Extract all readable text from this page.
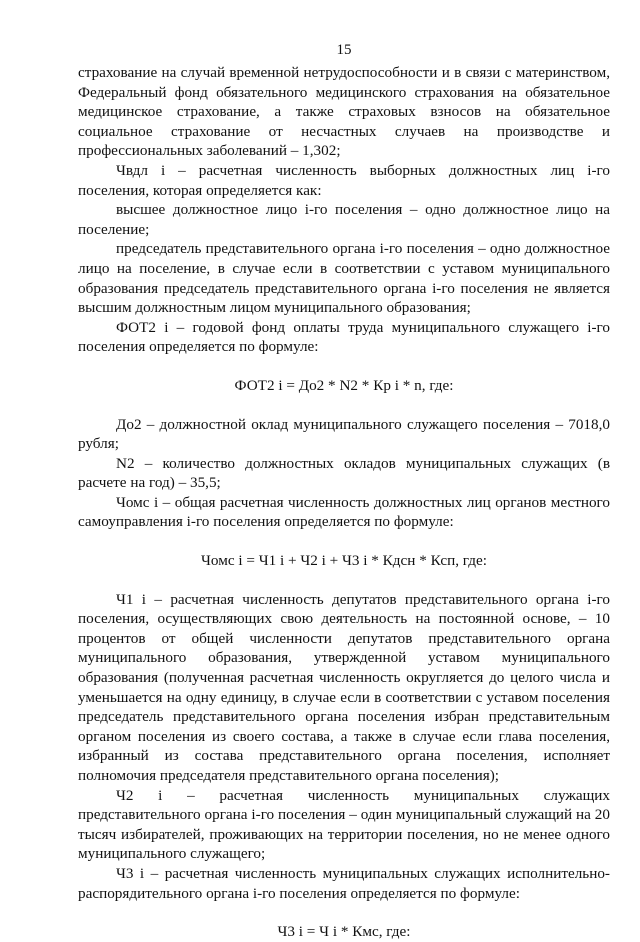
15

страхование на случай временной нетрудоспособности и в связи с материнством, Федеральный фонд обязательного медицинского страхования на обязательное медицинское страхование, а также страховых взносов на обязательное социальное страхование от несчастных случаев на производстве и профессиональных заболеваний – 1,302;

Чвдл i – расчетная численность выборных должностных лиц i-го поселения, которая определяется как:

высшее должностное лицо i-го поселения – одно должностное лицо на поселение;

председатель представительного органа i-го поселения – одно должностное лицо на поселение, в случае если в соответствии с уставом муниципального образования председатель представительного органа i-го поселения не является высшим должностным лицом муниципального образования;

ФОТ2 i – годовой фонд оплаты труда муниципального служащего i-го поселения определяется по формуле:

ФОТ2 i = До2 * N2 * Кр i * n, где:

До2 – должностной оклад муниципального служащего поселения – 7018,0 рубля;

N2 – количество должностных окладов муниципальных служащих (в расчете на год) – 35,5;

Чомс i – общая расчетная численность должностных лиц органов местного самоуправления i-го поселения определяется по формуле:

Чомс i = Ч1 i + Ч2 i + Ч3 i * Кдсн * Ксп, где:

Ч1 i – расчетная численность депутатов представительного органа i-го поселения, осуществляющих свою деятельность на постоянной основе, – 10 процентов от общей численности депутатов представительного органа муниципального образования, утвержденной уставом муниципального образования (полученная расчетная численность округляется до целого числа и уменьшается на одну единицу, в случае если в соответствии с уставом поселения председатель представительного органа поселения избран представительным органом поселения из своего состава, а также в случае если глава поселения, избранный из состава представительного органа поселения, исполняет полномочия председателя представительного органа поселения);

Ч2 i – расчетная численность муниципальных служащих представительного органа i-го поселения – один муниципальный служащий на 20 тысяч избирателей, проживающих на территории поселения, но не менее одного муниципального служащего;

Ч3 i – расчетная численность муниципальных служащих исполнительно-распорядительного органа i-го поселения определяется по формуле:

Ч3 i = Ч i * Кмс, где:
